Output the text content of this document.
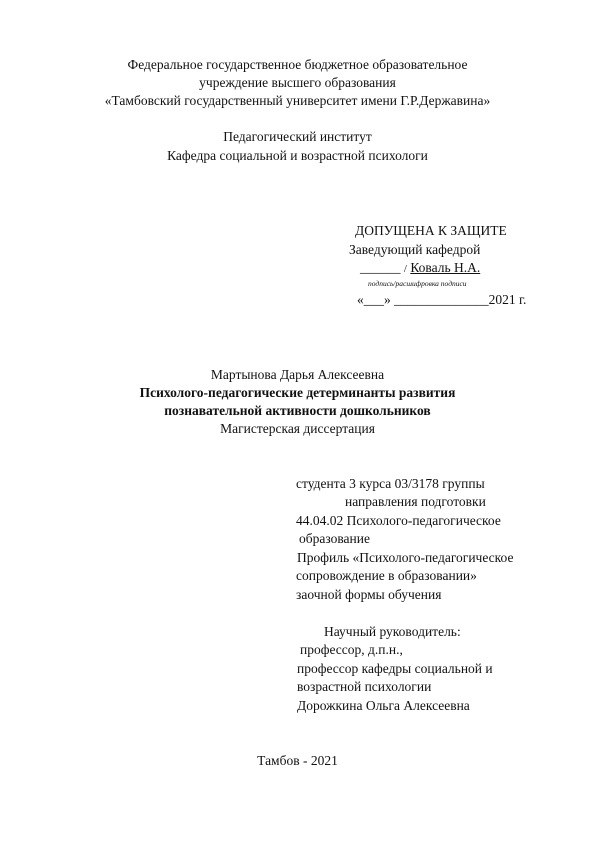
Федеральное государственное бюджетное образовательное
учреждение высшего образования
«Тамбовский государственный университет имени Г.Р.Державина»
Педагогический институт
Кафедра социальной и возрастной психологи
ДОПУЩЕНА К ЗАЩИТЕ
Заведующий кафедрой
______ / Коваль Н.А.
подпись/расшифровка подписи
«___» ______________2021 г.
Мартынова Дарья Алексеевна
Психолого-педагогические детерминанты развития
познавательной активности дошкольников
Магистерская диссертация
студента 3 курса 03/3178 группы
направления подготовки
44.04.02 Психолого-педагогическое
образование
Профиль «Психолого-педагогическое
сопровождение в образовании»
заочной формы обучения
Научный руководитель:
профессор, д.п.н.,
профессор кафедры социальной и
возрастной психологии
Дорожкина Ольга Алексеевна
Тамбов - 2021
